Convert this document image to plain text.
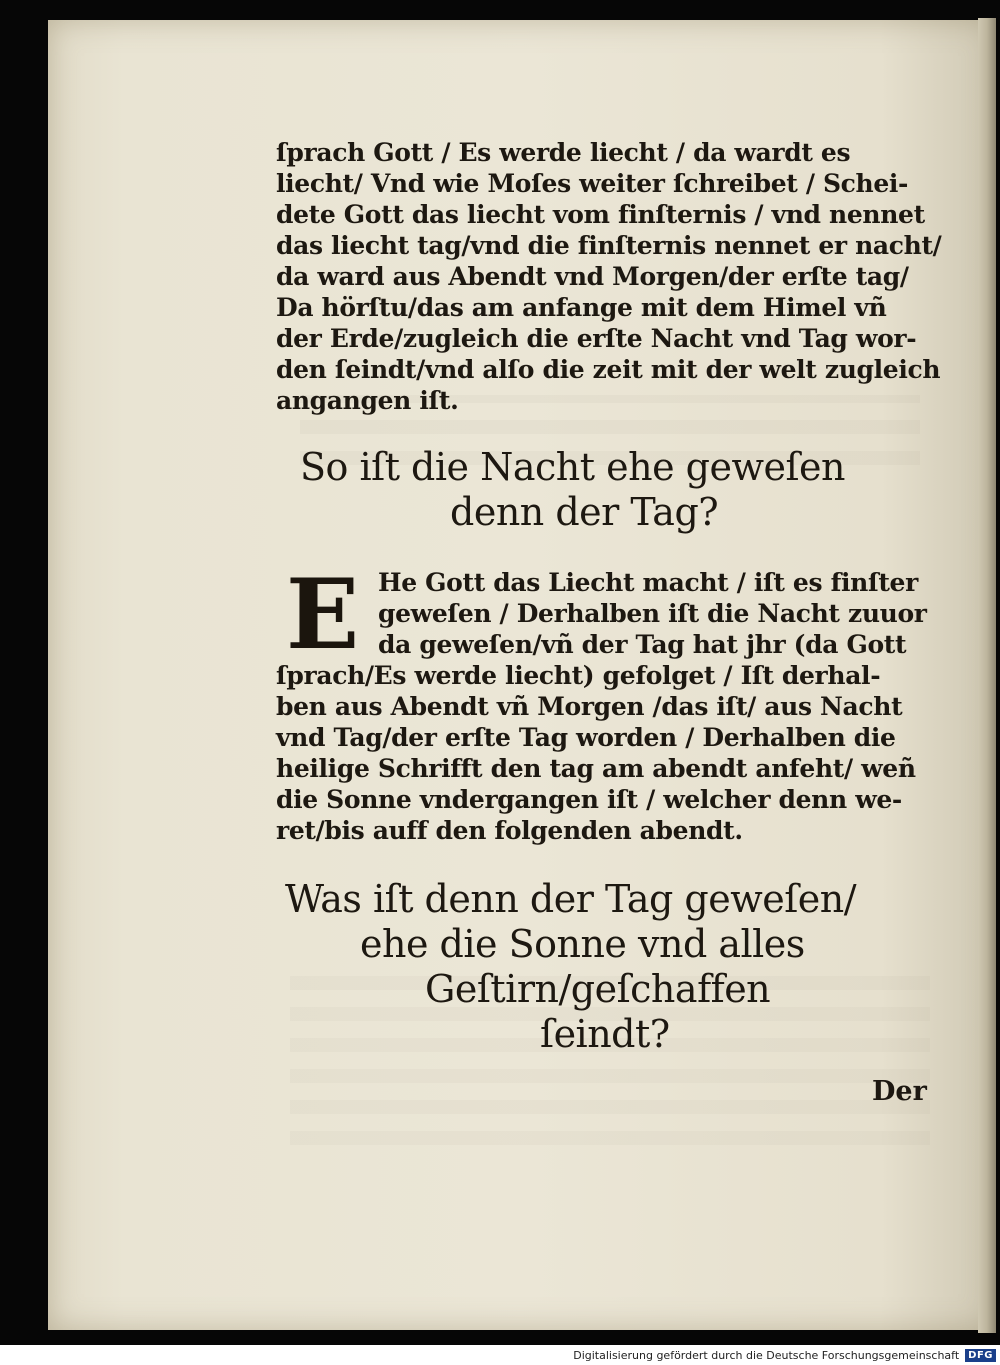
ſprach Gott / Es werde liecht / da wardt es
liecht/ Vnd wie Moſes weiter ſchreibet / Schei-
dete Gott das liecht vom finſternis / vnd nennet
das liecht tag/vnd die finſternis nennet er nacht/
da ward aus Abendt vnd Morgen/der erſte tag/
Da hörſtu/das am anfange mit dem Himel vñ
der Erde/zugleich die erſte Nacht vnd Tag wor-
den ſeindt/vnd alſo die zeit mit der welt zugleich
angangen iſt.
So iſt die Nacht ehe geweſen
denn der Tag?
E He Gott das Liecht macht / iſt es finſter
geweſen / Derhalben iſt die Nacht zuuor
da geweſen/vñ der Tag hat jhr (da Gott
ſprach/Es werde liecht) gefolget / Iſt derhal-
ben aus Abendt vñ Morgen /das iſt/ aus Nacht
vnd Tag/der erſte Tag worden / Derhalben die
heilige Schrifft den tag am abendt anfeht/ weñ
die Sonne vndergangen iſt / welcher denn we-
ret/bis auff den folgenden abendt.
Was iſt denn der Tag geweſen/
ehe die Sonne vnd alles
Geſtirn/geſchaffen
ſeindt?
Der
Digitalisierung gefördert durch die Deutsche Forschungsgemeinschaft DFG
